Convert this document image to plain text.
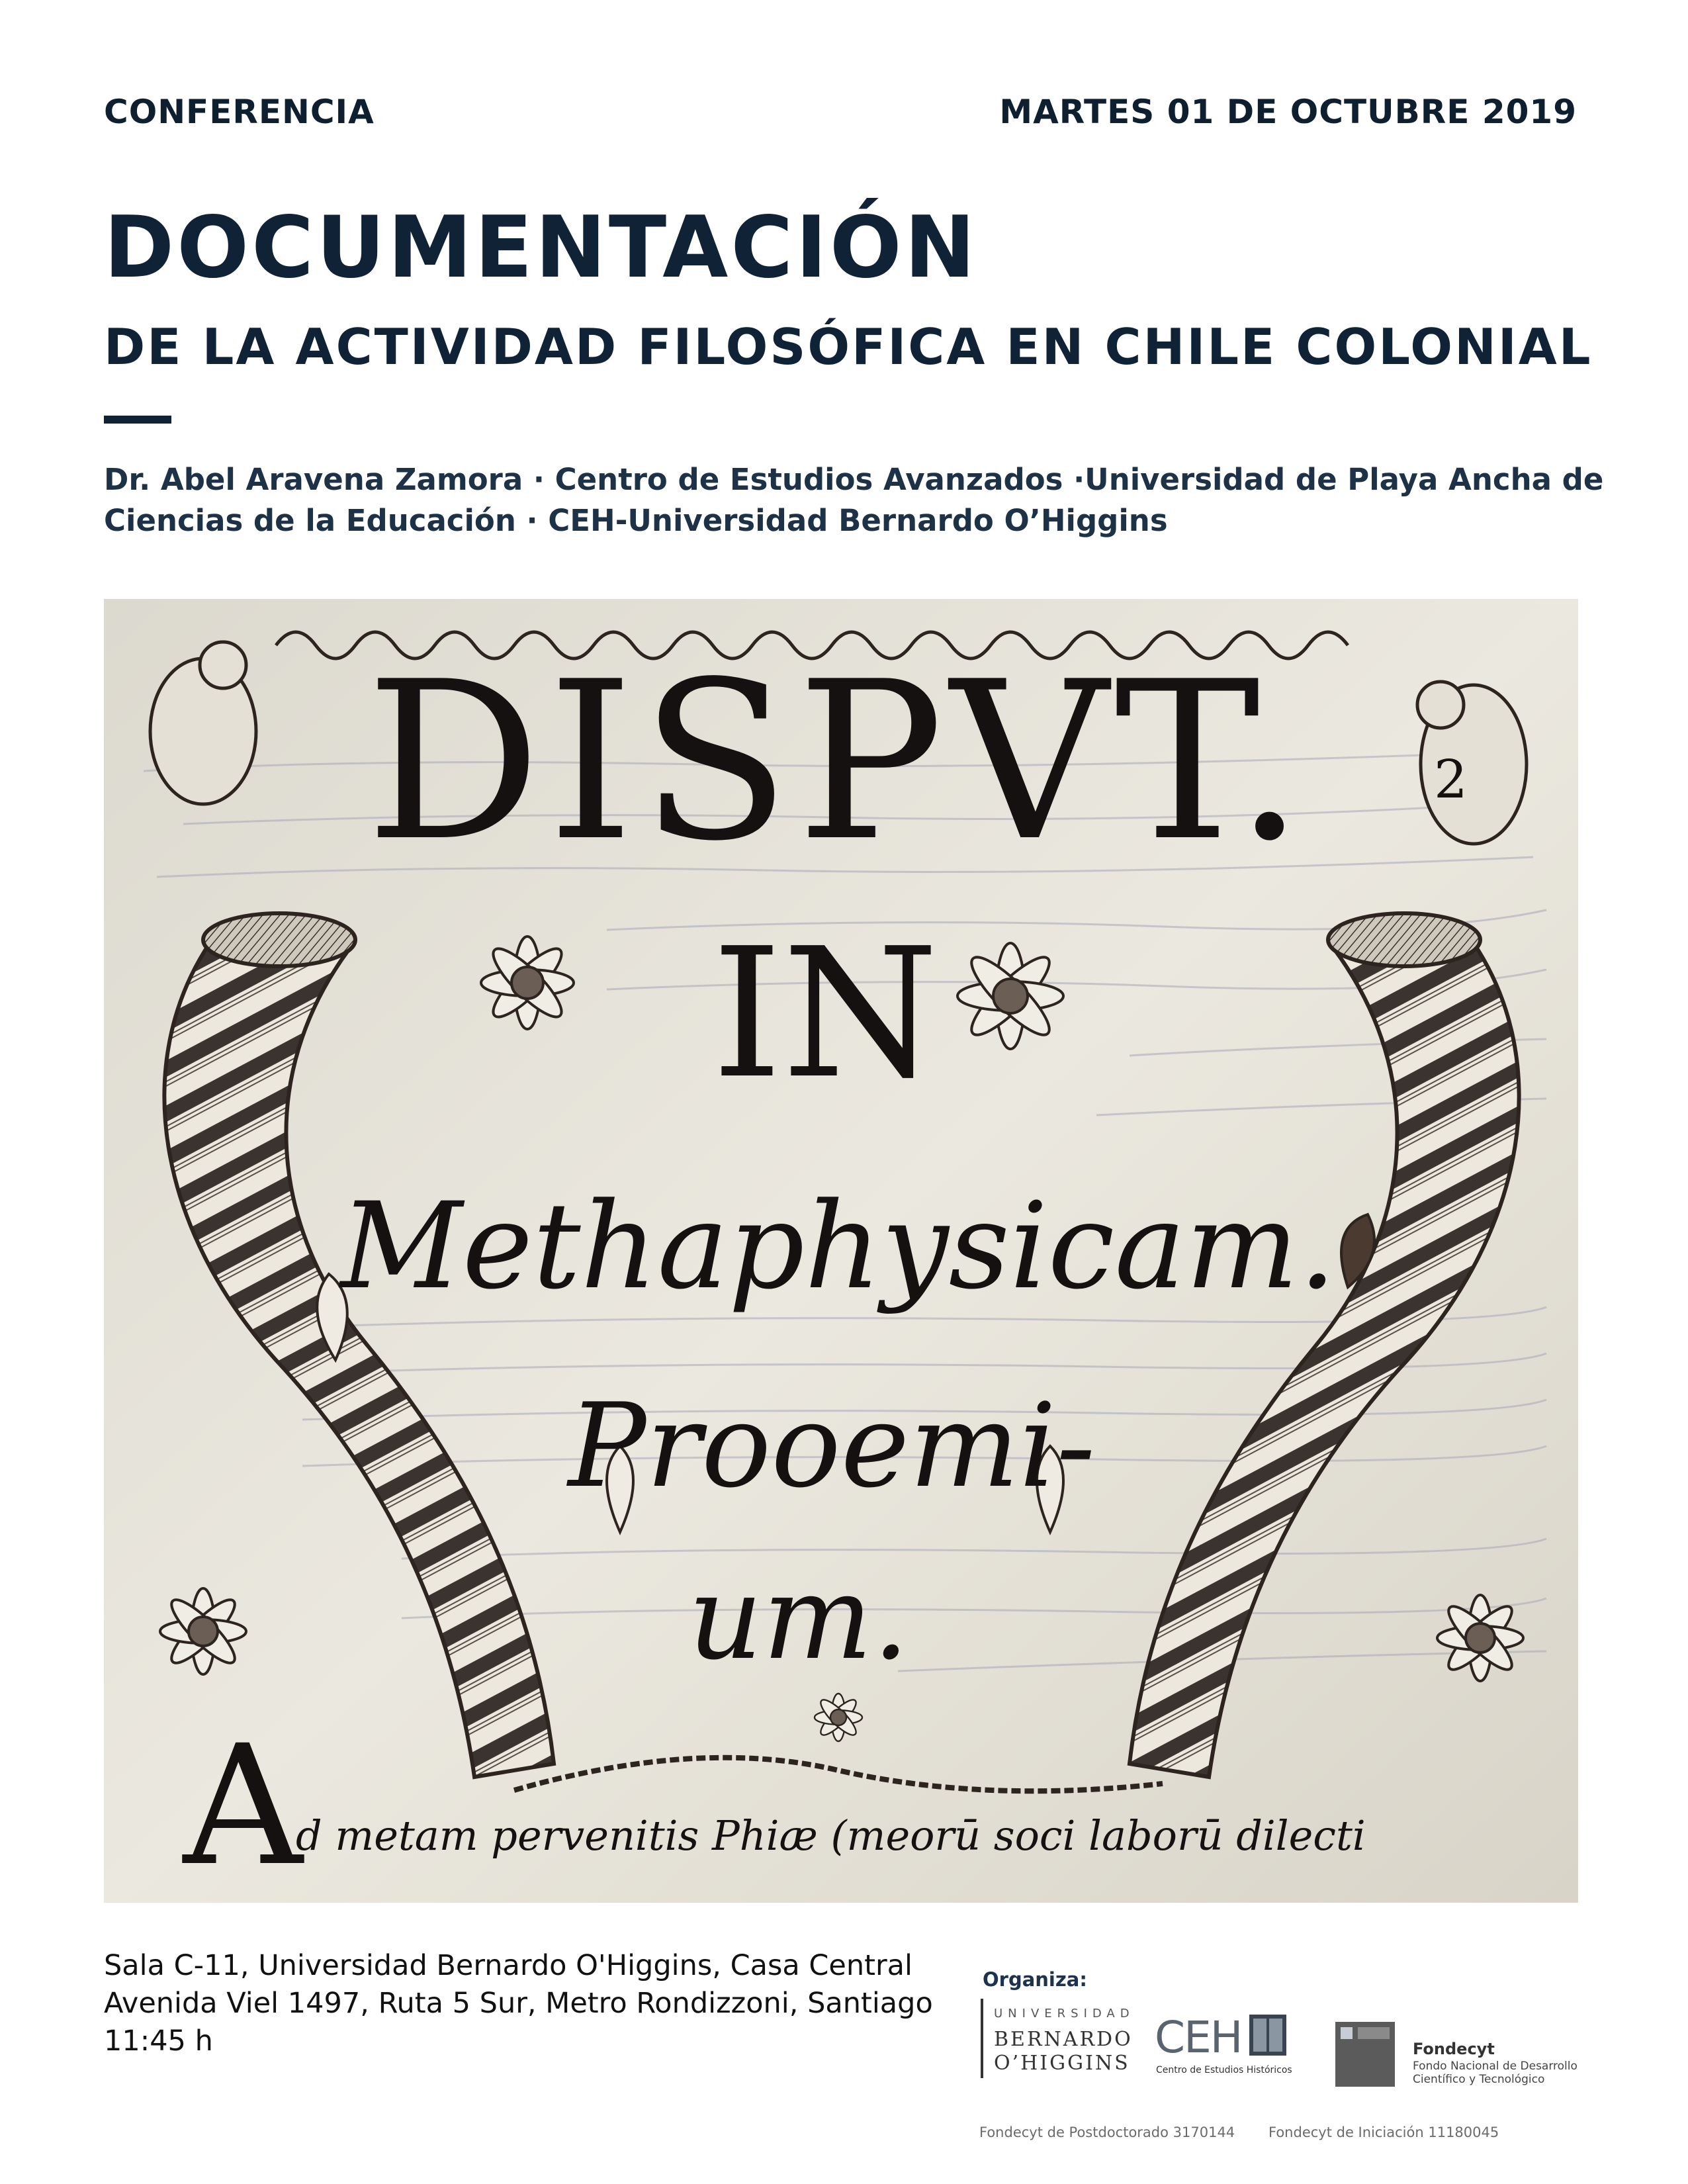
CONFERENCIA	MARTES 01 DE OCTUBRE 2019
DOCUMENTACIÓN
DE LA ACTIVIDAD FILOSÓFICA EN CHILE COLONIAL
Dr. Abel Aravena Zamora · Centro de Estudios Avanzados ·Universidad de Playa Ancha de
Ciencias de la Educación · CEH-Universidad Bernardo O’Higgins
DISPVT. 2
IN
Methaphysicam.
Prooemi-
um.
A
d metam pervenitis Phiæ (meorū soci laborū dilecti
Sala C-11, Universidad Bernardo O'Higgins, Casa Central
Avenida Viel 1497, Ruta 5 Sur, Metro Rondizzoni, Santiago
11:45 h
Organiza:
UNIVERSIDAD
BERNARDO
O’HIGGINS
CEH
Centro de Estudios Históricos
Fondecyt
Fondo Nacional de Desarrollo
Científico y Tecnológico
Fondecyt de Postdoctorado 3170144 Fondecyt de Iniciación 11180045
